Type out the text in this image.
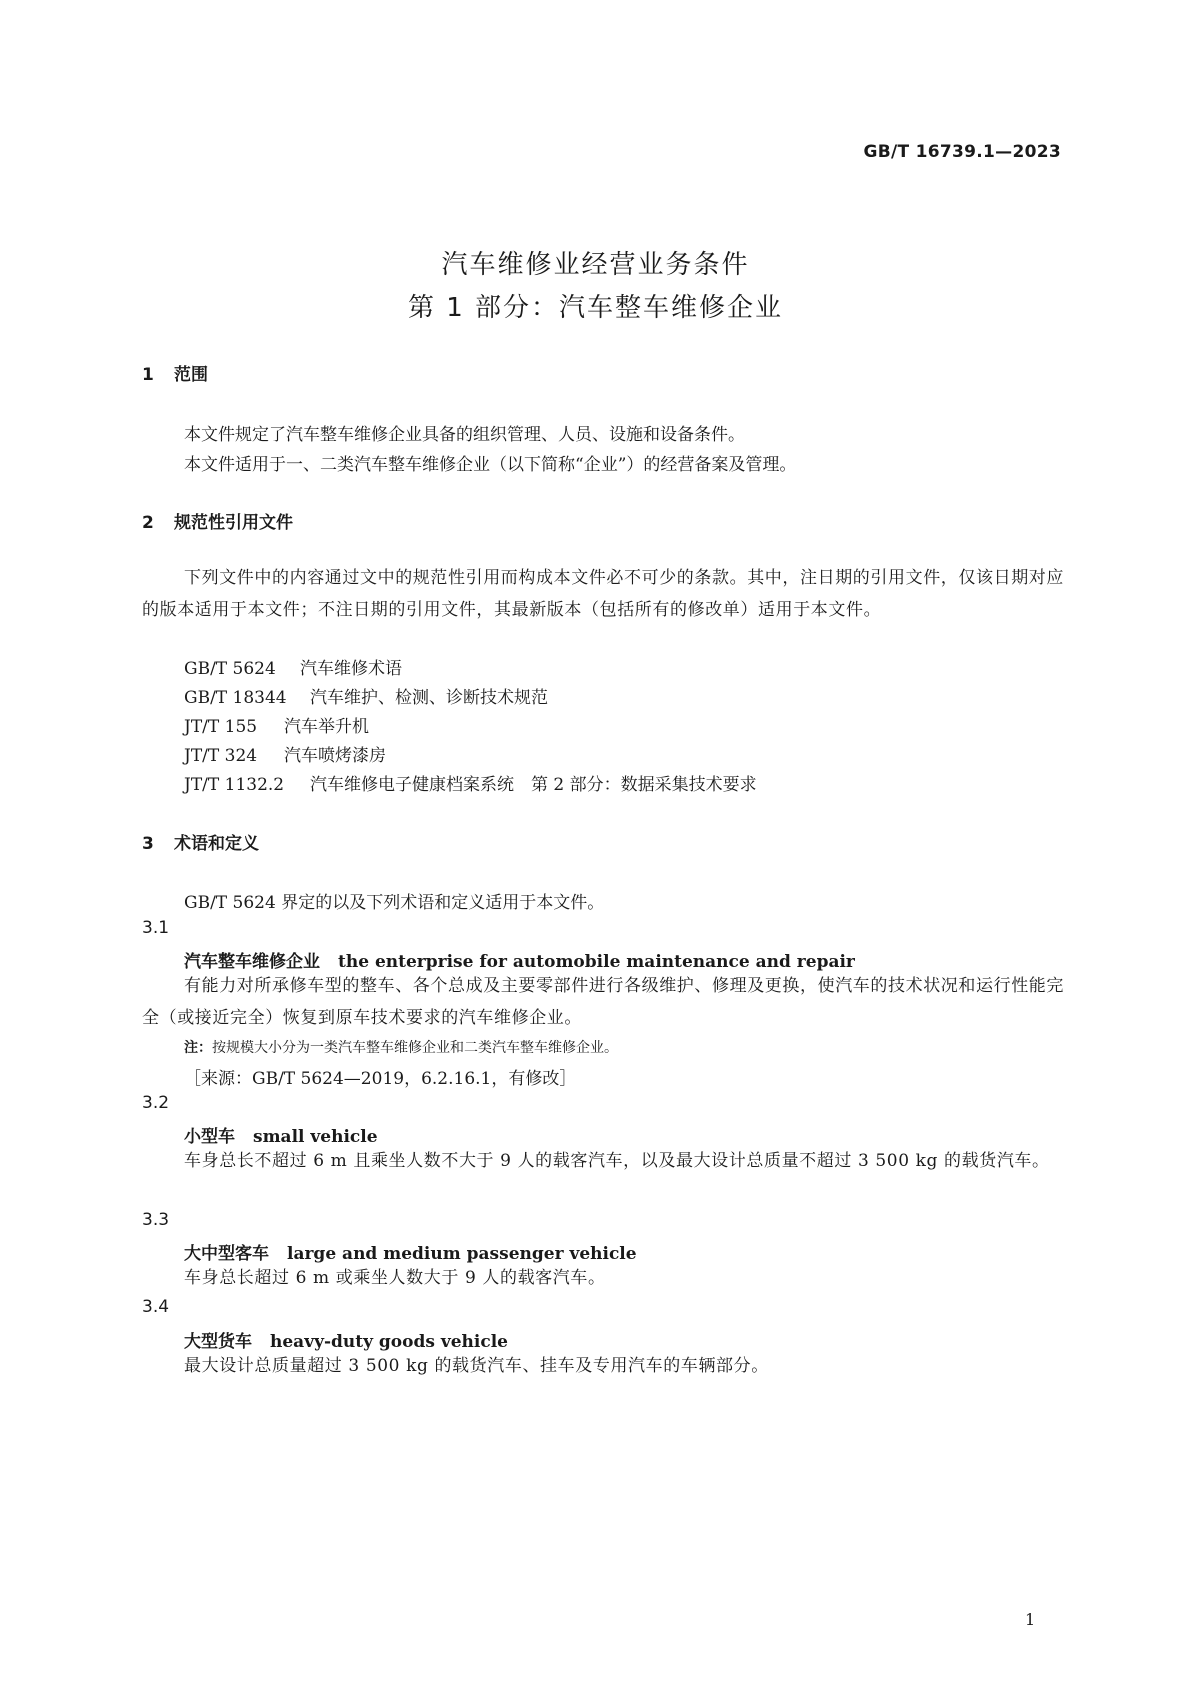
GB/T 16739.1—2023
汽车维修业经营业务条件
第 1 部分：汽车整车维修企业
1 范围
本文件规定了汽车整车维修企业具备的组织管理、人员、设施和设备条件。
本文件适用于一、二类汽车整车维修企业（以下简称“企业”）的经营备案及管理。
2 规范性引用文件
下列文件中的内容通过文中的规范性引用而构成本文件必不可少的条款。其中，注日期的引用文件，仅该日期对应的版本适用于本文件；不注日期的引用文件，其最新版本（包括所有的修改单）适用于本文件。
GB/T 5624 汽车维修术语
GB/T 18344 汽车维护、检测、诊断技术规范
JT/T 155 汽车举升机
JT/T 324 汽车喷烤漆房
JT/T 1132.2 汽车维修电子健康档案系统　第 2 部分：数据采集技术要求
3 术语和定义
GB/T 5624 界定的以及下列术语和定义适用于本文件。
3.1
汽车整车维修企业 the enterprise for automobile maintenance and repair
有能力对所承修车型的整车、各个总成及主要零部件进行各级维护、修理及更换，使汽车的技术状况和运行性能完全（或接近完全）恢复到原车技术要求的汽车维修企业。
注：按规模大小分为一类汽车整车维修企业和二类汽车整车维修企业。
［来源：GB/T 5624—2019，6.2.16.1，有修改］
3.2
小型车 small vehicle
车身总长不超过 6 m 且乘坐人数不大于 9 人的载客汽车，以及最大设计总质量不超过 3 500 kg 的载货汽车。
3.3
大中型客车 large and medium passenger vehicle
车身总长超过 6 m 或乘坐人数大于 9 人的载客汽车。
3.4
大型货车 heavy-duty goods vehicle
最大设计总质量超过 3 500 kg 的载货汽车、挂车及专用汽车的车辆部分。
1
